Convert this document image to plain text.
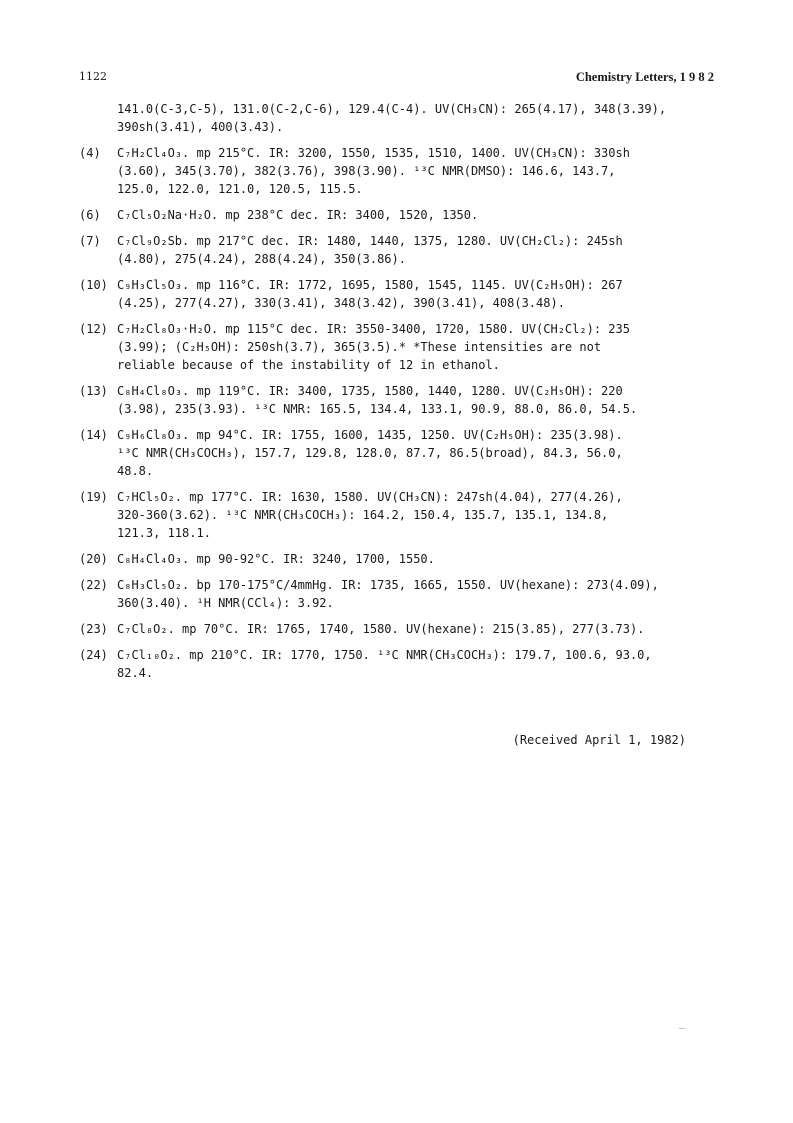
1122	Chemistry Letters, 1 9 8 2
141.0(C-3,C-5), 131.0(C-2,C-6), 129.4(C-4). UV(CH₃CN): 265(4.17), 348(3.39),
390sh(3.41), 400(3.43).
(4)	C₇H₂Cl₄O₃. mp 215°C. IR: 3200, 1550, 1535, 1510, 1400. UV(CH₃CN): 330sh
(3.60), 345(3.70), 382(3.76), 398(3.90). ¹³C NMR(DMSO): 146.6, 143.7,
125.0, 122.0, 121.0, 120.5, 115.5.
(6)	C₇Cl₅O₂Na·H₂O. mp 238°C dec. IR: 3400, 1520, 1350.
(7)	C₇Cl₉O₂Sb. mp 217°C dec. IR: 1480, 1440, 1375, 1280. UV(CH₂Cl₂): 245sh
(4.80), 275(4.24), 288(4.24), 350(3.86).
(10) C₉H₃Cl₅O₃. mp 116°C. IR: 1772, 1695, 1580, 1545, 1145. UV(C₂H₅OH): 267
(4.25), 277(4.27), 330(3.41), 348(3.42), 390(3.41), 408(3.48).
(12) C₇H₂Cl₈O₃·H₂O. mp 115°C dec. IR: 3550-3400, 1720, 1580. UV(CH₂Cl₂): 235
(3.99); (C₂H₅OH): 250sh(3.7), 365(3.5).* *These intensities are not
reliable because of the instability of 12 in ethanol.
(13) C₈H₄Cl₈O₃. mp 119°C. IR: 3400, 1735, 1580, 1440, 1280. UV(C₂H₅OH): 220
(3.98), 235(3.93). ¹³C NMR: 165.5, 134.4, 133.1, 90.9, 88.0, 86.0, 54.5.
(14) C₉H₆Cl₈O₃. mp 94°C. IR: 1755, 1600, 1435, 1250. UV(C₂H₅OH): 235(3.98).
¹³C NMR(CH₃COCH₃), 157.7, 129.8, 128.0, 87.7, 86.5(broad), 84.3, 56.0,
48.8.
(19) C₇HCl₅O₂. mp 177°C. IR: 1630, 1580. UV(CH₃CN): 247sh(4.04), 277(4.26),
320-360(3.62). ¹³C NMR(CH₃COCH₃): 164.2, 150.4, 135.7, 135.1, 134.8,
121.3, 118.1.
(20) C₈H₄Cl₄O₃. mp 90-92°C. IR: 3240, 1700, 1550.
(22) C₈H₃Cl₅O₂. bp 170-175°C/4mmHg. IR: 1735, 1665, 1550. UV(hexane): 273(4.09),
360(3.40). ¹H NMR(CCl₄): 3.92.
(23) C₇Cl₈O₂. mp 70°C. IR: 1765, 1740, 1580. UV(hexane): 215(3.85), 277(3.73).
(24) C₇Cl₁₀O₂. mp 210°C. IR: 1770, 1750. ¹³C NMR(CH₃COCH₃): 179.7, 100.6, 93.0,
82.4.
(Received April 1, 1982)
